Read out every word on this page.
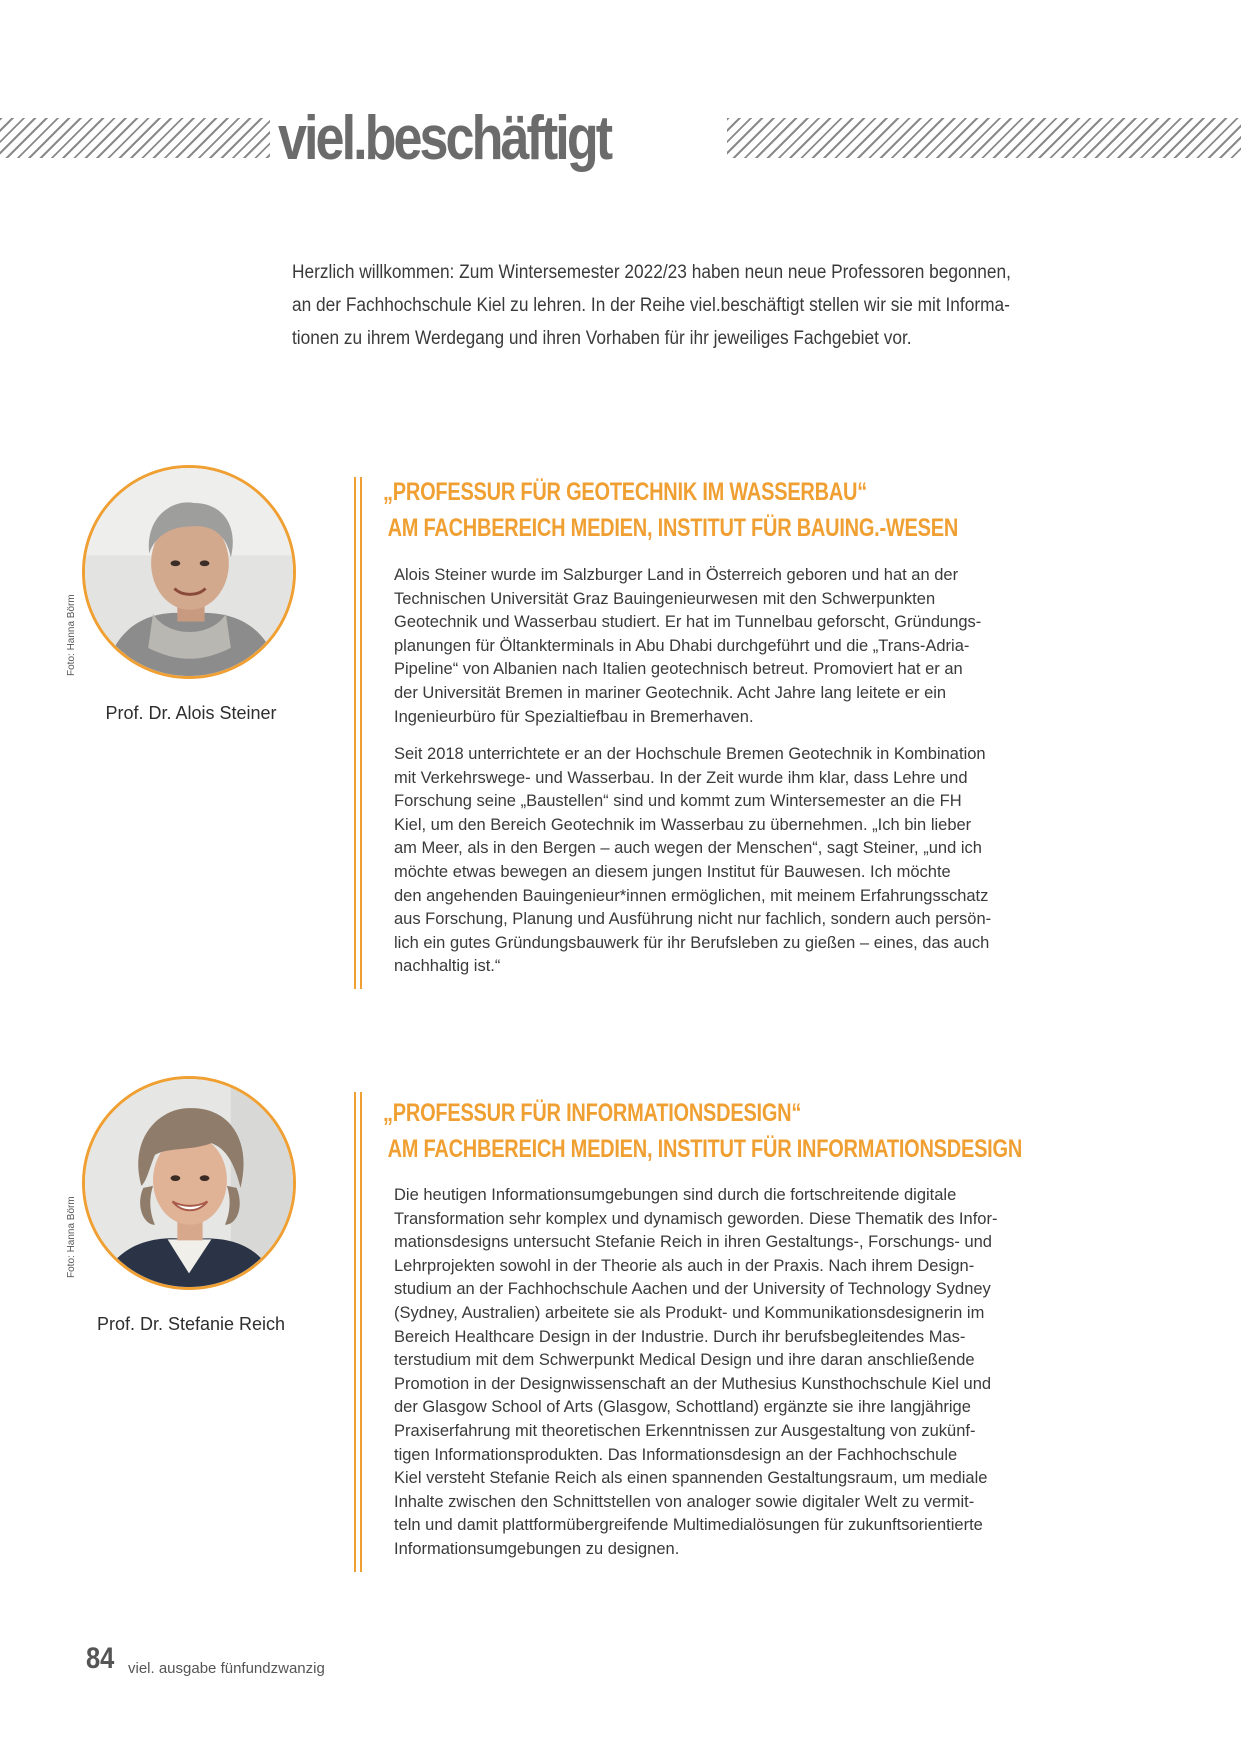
viel.beschäftigt

Herzlich willkommen: Zum Wintersemester 2022/23 haben neun neue Professoren begonnen,
an der Fachhochschule Kiel zu lehren. In der Reihe viel.beschäftigt stellen wir sie mit Informa-
tionen zu ihrem Werdegang und ihren Vorhaben für ihr jeweiliges Fachgebiet vor.

Foto: Hanna Börm
Prof. Dr. Alois Steiner
„PROFESSUR FÜR GEOTECHNIK IM WASSERBAU“
AM FACHBEREICH MEDIEN, INSTITUT FÜR BAUING.-WESEN

Alois Steiner wurde im Salzburger Land in Österreich geboren und hat an der
Technischen Universität Graz Bauingenieurwesen mit den Schwerpunkten
Geotechnik und Wasserbau studiert. Er hat im Tunnelbau geforscht, Gründungs-
planungen für Öltankterminals in Abu Dhabi durchgeführt und die „Trans-Adria-
Pipeline“ von Albanien nach Italien geotechnisch betreut. Promoviert hat er an
der Universität Bremen in mariner Geotechnik. Acht Jahre lang leitete er ein
Ingenieurbüro für Spezialtiefbau in Bremerhaven.

Seit 2018 unterrichtete er an der Hochschule Bremen Geotechnik in Kombination
mit Verkehrswege- und Wasserbau. In der Zeit wurde ihm klar, dass Lehre und
Forschung seine „Baustellen“ sind und kommt zum Wintersemester an die FH
Kiel, um den Bereich Geotechnik im Wasserbau zu übernehmen. „Ich bin lieber
am Meer, als in den Bergen – auch wegen der Menschen“, sagt Steiner, „und ich
möchte etwas bewegen an diesem jungen Institut für Bauwesen. Ich möchte
den angehenden Bauingenieur*innen ermöglichen, mit meinem Erfahrungsschatz
aus Forschung, Planung und Ausführung nicht nur fachlich, sondern auch persön-
lich ein gutes Gründungsbauwerk für ihr Berufsleben zu gießen – eines, das auch
nachhaltig ist.“

Foto: Hanna Börm
Prof. Dr. Stefanie Reich
„PROFESSUR FÜR INFORMATIONSDESIGN“
AM FACHBEREICH MEDIEN, INSTITUT FÜR INFORMATIONSDESIGN

Die heutigen Informationsumgebungen sind durch die fortschreitende digitale
Transformation sehr komplex und dynamisch geworden. Diese Thematik des Infor-
mationsdesigns untersucht Stefanie Reich in ihren Gestaltungs-, Forschungs- und
Lehrprojekten sowohl in der Theorie als auch in der Praxis. Nach ihrem Design-
studium an der Fachhochschule Aachen und der University of Technology Sydney
(Sydney, Australien) arbeitete sie als Produkt- und Kommunikationsdesignerin im
Bereich Healthcare Design in der Industrie. Durch ihr berufsbegleitendes Mas-
terstudium mit dem Schwerpunkt Medical Design und ihre daran anschließende
Promotion in der Designwissenschaft an der Muthesius Kunsthochschule Kiel und
der Glasgow School of Arts (Glasgow, Schottland) ergänzte sie ihre langjährige
Praxiserfahrung mit theoretischen Erkenntnissen zur Ausgestaltung von zukünf-
tigen Informationsprodukten. Das Informationsdesign an der Fachhochschule
Kiel versteht Stefanie Reich als einen spannenden Gestaltungsraum, um mediale
Inhalte zwischen den Schnittstellen von analoger sowie digitaler Welt zu vermit-
teln und damit plattformübergreifende Multimedialösungen für zukunftsorientierte
Informationsumgebungen zu designen.

84 viel. ausgabe fünfundzwanzig
